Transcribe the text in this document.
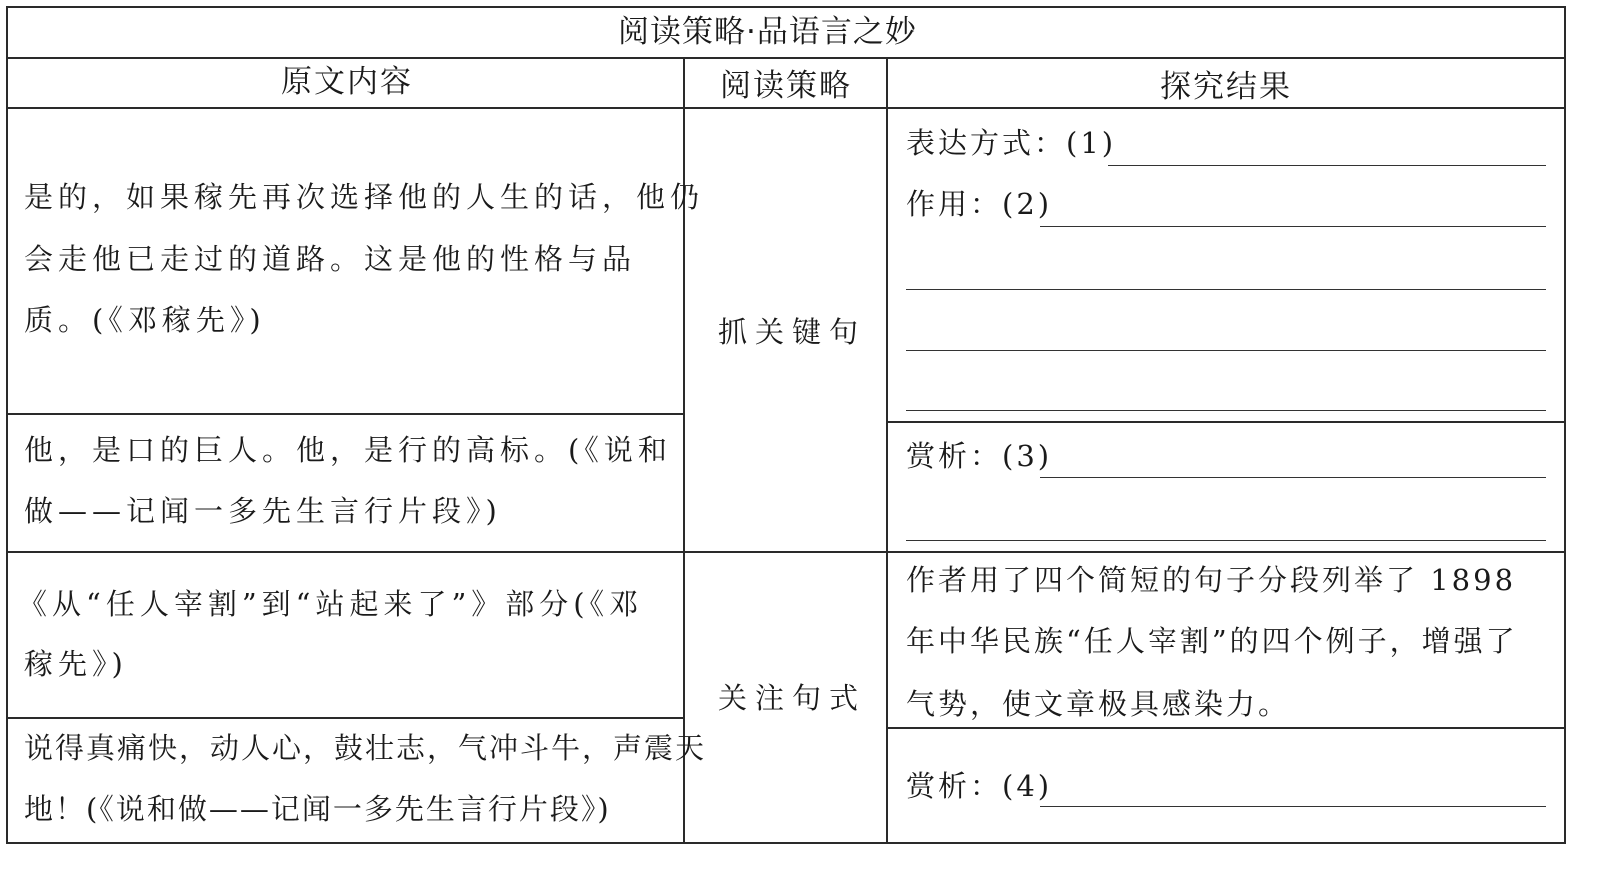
阅读策略·品语言之妙
原文内容	阅读策略	探究结果
是的，如果稼先再次选择他的人生的话，他仍
会走他已走过的道路。这是他的性格与品
质。(《邓稼先》)
他，是口的巨人。他，是行的高标。(《说和
做——记闻一多先生言行片段》)
《从“任人宰割”到“站起来了”》部分(《邓
稼先》)
说得真痛快，动人心，鼓壮志，气冲斗牛，声震天
地！(《说和做——记闻一多先生言行片段》)
抓关键句
关注句式
表达方式：(1)
作用：(2)
赏析：(3)
作者用了四个简短的句子分段列举了 1898
年中华民族“任人宰割”的四个例子，增强了
气势，使文章极具感染力。
赏析：(4)
